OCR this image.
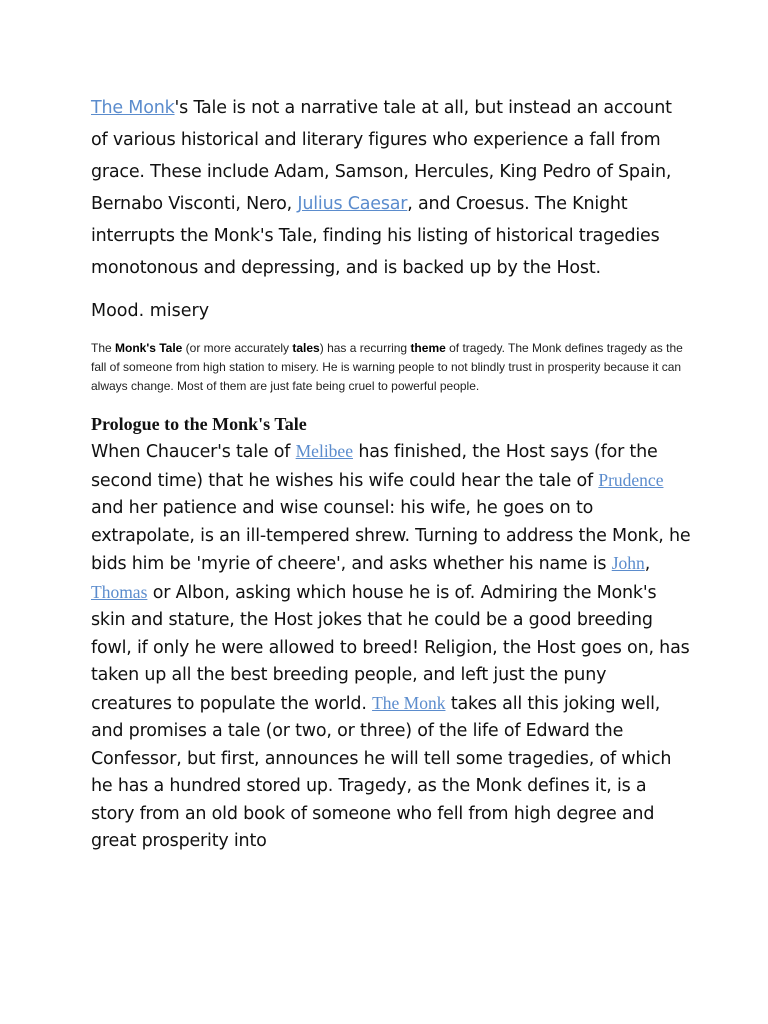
The Monk's Tale is not a narrative tale at all, but instead an account of various historical and literary figures who experience a fall from grace. These include Adam, Samson, Hercules, King Pedro of Spain, Bernabo Visconti, Nero, Julius Caesar, and Croesus. The Knight interrupts the Monk's Tale, finding his listing of historical tragedies monotonous and depressing, and is backed up by the Host.

Mood. misery

The Monk's Tale (or more accurately tales) has a recurring theme of tragedy. The Monk defines tragedy as the fall of someone from high station to misery. He is warning people to not blindly trust in prosperity because it can always change. Most of them are just fate being cruel to powerful people.

Prologue to the Monk's Tale

When Chaucer's tale of Melibee has finished, the Host says (for the second time) that he wishes his wife could hear the tale of Prudence and her patience and wise counsel: his wife, he goes on to extrapolate, is an ill-tempered shrew. Turning to address the Monk, he bids him be 'myrie of cheere', and asks whether his name is John, Thomas or Albon, asking which house he is of. Admiring the Monk's skin and stature, the Host jokes that he could be a good breeding fowl, if only he were allowed to breed! Religion, the Host goes on, has taken up all the best breeding people, and left just the puny creatures to populate the world. The Monk takes all this joking well, and promises a tale (or two, or three) of the life of Edward the Confessor, but first, announces he will tell some tragedies, of which he has a hundred stored up. Tragedy, as the Monk defines it, is a story from an old book of someone who fell from high degree and great prosperity into
